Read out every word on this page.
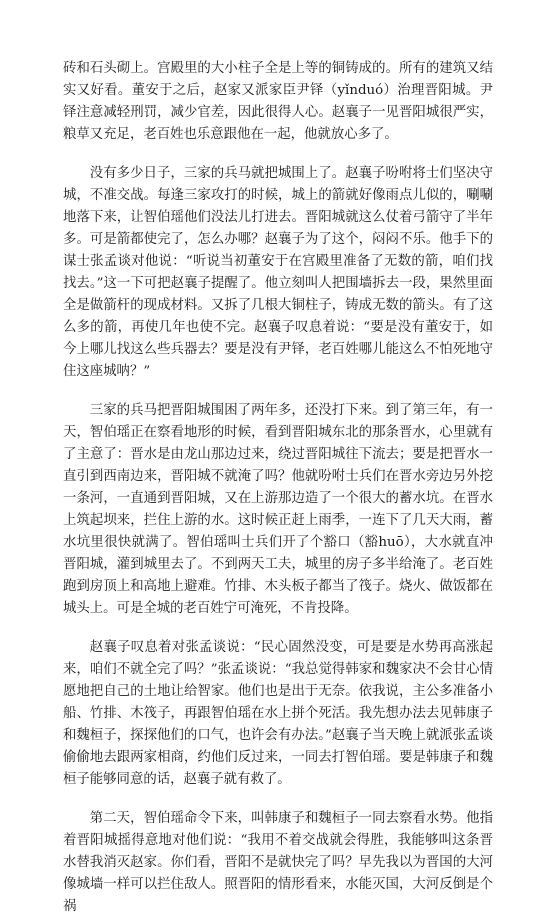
砖和石头砌上。宫殿里的大小柱子全是上等的铜铸成的。所有的建筑又结实又好看。董安于之后，赵家又派家臣尹铎（yǐnduó）治理晋阳城。尹铎注意减轻刑罚，减少官差，因此很得人心。赵襄子一见晋阳城很严实，粮草又充足，老百姓也乐意跟他在一起，他就放心多了。

没有多少日子，三家的兵马就把城围上了。赵襄子吩咐将士们坚决守城，不准交战。每逢三家攻打的时候，城上的箭就好像雨点儿似的，唰唰地落下来，让智伯瑶他们没法儿打进去。晋阳城就这么仗着弓箭守了半年多。可是箭都使完了，怎么办哪？赵襄子为了这个，闷闷不乐。他手下的谋士张孟谈对他说：“听说当初董安于在宫殿里准备了无数的箭，咱们找找去。”这一下可把赵襄子提醒了。他立刻叫人把围墙拆去一段，果然里面全是做箭杆的现成材料。又拆了几根大铜柱子，铸成无数的箭头。有了这么多的箭，再使几年也使不完。赵襄子叹息着说：“要是没有董安于，如今上哪儿找这么些兵器去？要是没有尹铎，老百姓哪儿能这么不怕死地守住这座城呐？”

三家的兵马把晋阳城围困了两年多，还没打下来。到了第三年，有一天，智伯瑶正在察看地形的时候，看到晋阳城东北的那条晋水，心里就有了主意了：晋水是由龙山那边过来，绕过晋阳城往下流去；要是把晋水一直引到西南边来，晋阳城不就淹了吗？他就吩咐士兵们在晋水旁边另外挖一条河，一直通到晋阳城，又在上游那边造了一个很大的蓄水坑。在晋水上筑起坝来，拦住上游的水。这时候正赶上雨季，一连下了几天大雨，蓄水坑里很快就满了。智伯瑶叫士兵们开了个豁口（豁huō），大水就直冲晋阳城，灌到城里去了。不到两天工夫，城里的房子多半给淹了。老百姓跑到房顶上和高地上避难。竹排、木头板子都当了筏子。烧火、做饭都在城头上。可是全城的老百姓宁可淹死，不肯投降。

赵襄子叹息着对张孟谈说：“民心固然没变，可是要是水势再高涨起来，咱们不就全完了吗？”张孟谈说：“我总觉得韩家和魏家决不会甘心情愿地把自己的土地让给智家。他们也是出于无奈。依我说，主公多准备小船、竹排、木筏子，再跟智伯瑶在水上拼个死活。我先想办法去见韩康子和魏桓子，探探他们的口气，也许会有办法。”赵襄子当天晚上就派张孟谈偷偷地去跟两家相商，约他们反过来，一同去打智伯瑶。要是韩康子和魏桓子能够同意的话，赵襄子就有救了。

第二天，智伯瑶命令下来，叫韩康子和魏桓子一同去察看水势。他指着晋阳城摇得意地对他们说：“我用不着交战就会得胜，我能够叫这条晋水替我消灭赵家。你们看，晋阳不是就快完了吗？早先我以为晋国的大河像城墙一样可以拦住敌人。照晋阳的情形看来，水能灭国，大河反倒是个祸
